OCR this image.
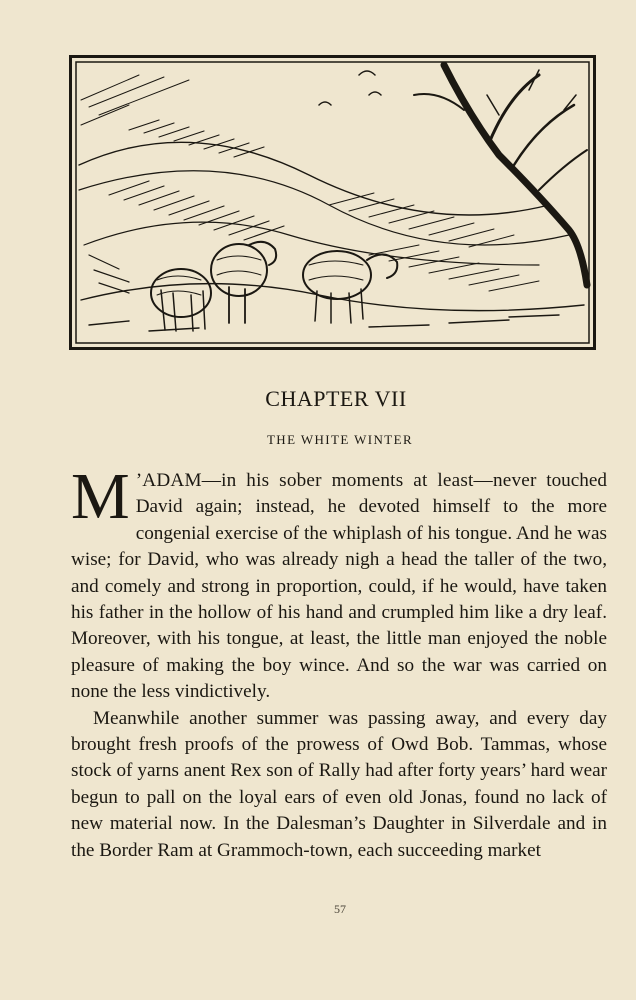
CHAPTER VII
THE WHITE WINTER

M ’ADAM—in his sober moments at least—never touched David again; instead, he devoted himself to the more congenial exercise of the whiplash of his tongue. And he was wise; for David, who was already nigh a head the taller of the two, and comely and strong in proportion, could, if he would, have taken his father in the hollow of his hand and crumpled him like a dry leaf. Moreover, with his tongue, at least, the little man enjoyed the noble pleasure of making the boy wince. And so the war was carried on none the less vindictively.

Meanwhile another summer was passing away, and every day brought fresh proofs of the prowess of Owd Bob. Tammas, whose stock of yarns anent Rex son of Rally had after forty years’ hard wear begun to pall on the loyal ears of even old Jonas, found no lack of new material now. In the Dalesman’s Daughter in Silverdale and in the Border Ram at Grammoch-town, each succeeding market

57
